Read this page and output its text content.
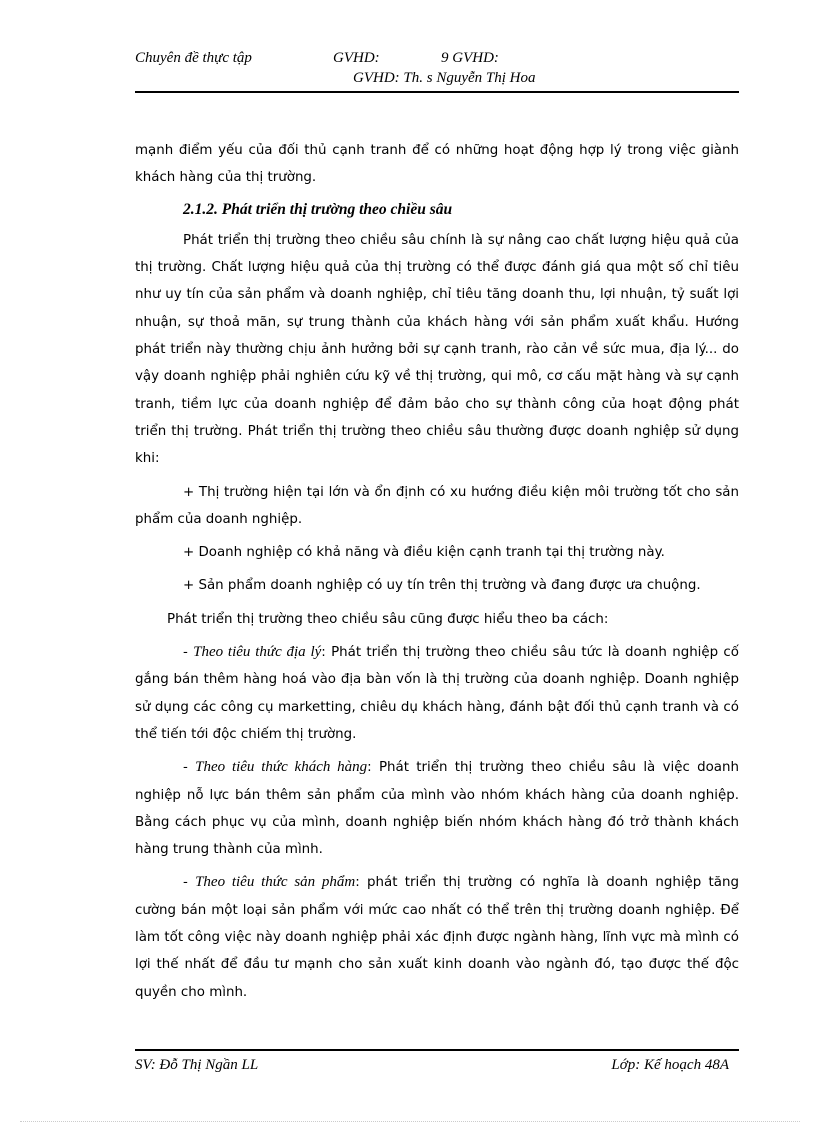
Chuyên đề thực tập	GVHD:	9 GVHD:
GVHD: Th. s Nguyễn Thị Hoa

mạnh điểm yếu của đối thủ cạnh tranh để có những hoạt động hợp lý trong việc giành khách hàng của thị trường.

2.1.2. Phát triển thị trường theo chiều sâu

Phát triển thị trường theo chiều sâu chính là sự nâng cao chất lượng hiệu quả của thị trường. Chất lượng hiệu quả của thị trường có thể được đánh giá qua một số chỉ tiêu như uy tín của sản phẩm và doanh nghiệp, chỉ tiêu tăng doanh thu, lợi nhuận, tỷ suất lợi nhuận, sự thoả mãn, sự trung thành của khách hàng với sản phẩm xuất khẩu. Hướng phát triển này thường chịu ảnh hưởng bởi sự cạnh tranh, rào cản về sức mua, địa lý... do vậy doanh nghiệp phải nghiên cứu kỹ về thị trường, qui mô, cơ cấu mặt hàng và sự cạnh tranh, tiềm lực của doanh nghiệp để đảm bảo cho sự thành công của hoạt động phát triển thị trường. Phát triển thị trường theo chiều sâu thường được doanh nghiệp sử dụng khi:

+ Thị trường hiện tại lớn và ổn định có xu hướng điều kiện môi trường tốt cho sản phẩm của doanh nghiệp.

+ Doanh nghiệp có khả năng và điều kiện cạnh tranh tại thị trường này.

+ Sản phẩm doanh nghiệp có uy tín trên thị trường và đang được ưa chuộng.

Phát triển thị trường theo chiều sâu cũng được hiểu theo ba cách:

- Theo tiêu thức địa lý: Phát triển thị trường theo chiều sâu tức là doanh nghiệp cố gắng bán thêm hàng hoá vào địa bàn vốn là thị trường của doanh nghiệp. Doanh nghiệp sử dụng các công cụ marketting, chiêu dụ khách hàng, đánh bật đối thủ cạnh tranh và có thể tiến tới độc chiếm thị trường.

- Theo tiêu thức khách hàng: Phát triển thị trường theo chiều sâu là việc doanh nghiệp nỗ lực bán thêm sản phẩm của mình vào nhóm khách hàng của doanh nghiệp. Bằng cách phục vụ của mình, doanh nghiệp biến nhóm khách hàng đó trở thành khách hàng trung thành của mình.

- Theo tiêu thức sản phẩm: phát triển thị trường có nghĩa là doanh nghiệp tăng cường bán một loại sản phẩm với mức cao nhất có thể trên thị trường doanh nghiệp. Để làm tốt công việc này doanh nghiệp phải xác định được ngành hàng, lĩnh vực mà mình có lợi thế nhất để đầu tư mạnh cho sản xuất kinh doanh vào ngành đó, tạo được thế độc quyền cho mình.

SV: Đỗ Thị Ngần LL	Lớp: Kế hoạch 48A
